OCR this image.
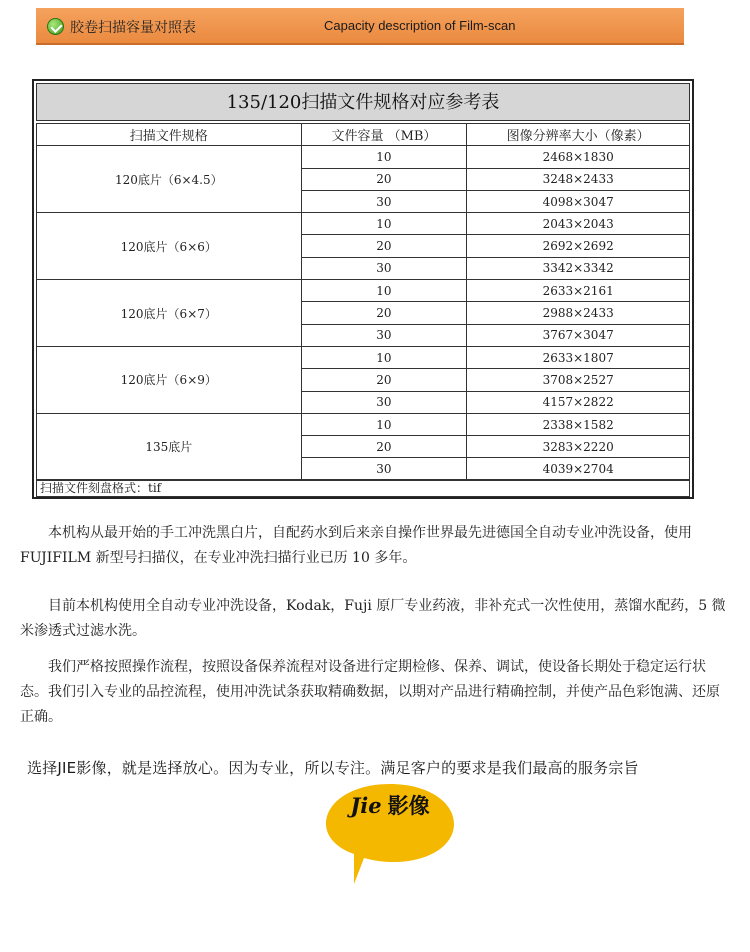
胶卷扫描容量对照表	Capacity description of Film-scan
135/120扫描文件规格对应参考表
扫描文件规格	文件容量 （MB）	图像分辨率大小（像素）
120底片（6×4.5）	10	2468×1830
	20	3248×2433
	30	4098×3047
120底片（6×6）	10	2043×2043
	20	2692×2692
	30	3342×3342
120底片（6×7）	10	2633×2161
	20	2988×2433
	30	3767×3047
120底片（6×9）	10	2633×1807
	20	3708×2527
	30	4157×2822
135底片	10	2338×1582
	20	3283×2220
	30	4039×2704
扫描文件刻盘格式：tif

本机构从最开始的手工冲洗黑白片，自配药水到后来亲自操作世界最先进德国全自动专业冲洗设备，使用 FUJIFILM 新型号扫描仪，在专业冲洗扫描行业已历 10 多年。

目前本机构使用全自动专业冲洗设备，Kodak，Fuji 原厂专业药液，非补充式一次性使用，蒸馏水配药，5 微米渗透式过滤水洗。

我们严格按照操作流程，按照设备保养流程对设备进行定期检修、保养、调试，使设备长期处于稳定运行状态。我们引入专业的品控流程，使用冲洗试条获取精确数据，以期对产品进行精确控制，并使产品色彩饱满、还原正确。

选择JIE影像，就是选择放心。因为专业，所以专注。满足客户的要求是我们最高的服务宗旨
Jie 影像
